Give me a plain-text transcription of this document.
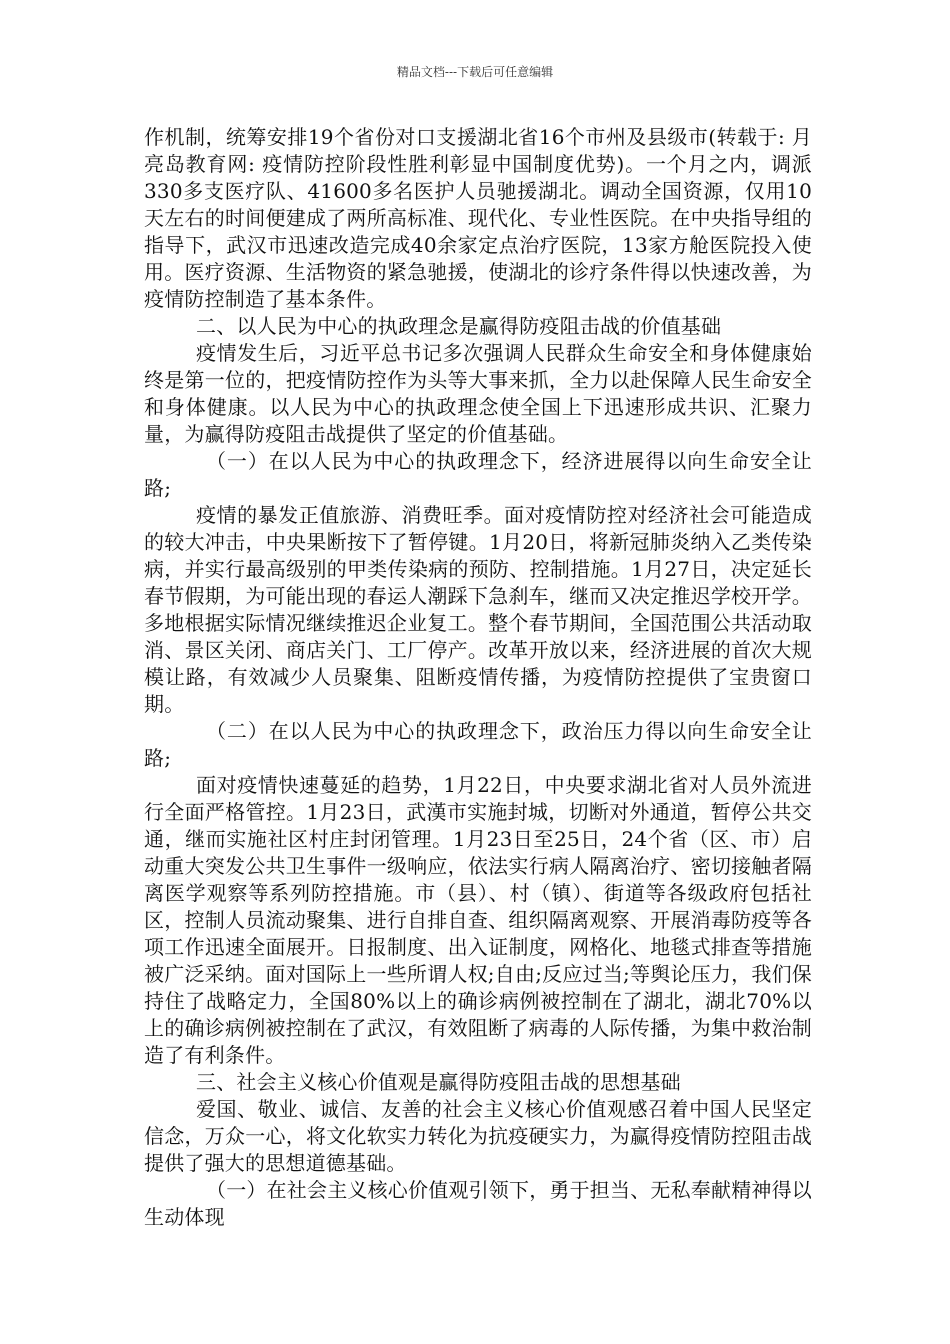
精品文档---下载后可任意编辑

作机制，统筹安排19个省份对口支援湖北省16个市州及县级市(转载于: 月亮岛教育网: 疫情防控阶段性胜利彰显中国制度优势)。一个月之内，调派330多支医疗队、41600多名医护人员驰援湖北。调动全国资源，仅用10天左右的时间便建成了两所高标准、现代化、专业性医院。在中央指导组的指导下，武汉市迅速改造完成40余家定点治疗医院，13家方舱医院投入使用。医疗资源、生活物资的紧急驰援，使湖北的诊疗条件得以快速改善，为疫情防控制造了基本条件。

二、以人民为中心的执政理念是赢得防疫阻击战的价值基础

疫情发生后，习近平总书记多次强调人民群众生命安全和身体健康始终是第一位的，把疫情防控作为头等大事来抓，全力以赴保障人民生命安全和身体健康。以人民为中心的执政理念使全国上下迅速形成共识、汇聚力量，为赢得防疫阻击战提供了坚定的价值基础。

（一）在以人民为中心的执政理念下，经济进展得以向生命安全让路;

疫情的暴发正值旅游、消费旺季。面对疫情防控对经济社会可能造成的较大冲击，中央果断按下了暂停键。1月20日，将新冠肺炎纳入乙类传染病，并实行最高级别的甲类传染病的预防、控制措施。1月27日，决定延长春节假期，为可能出现的春运人潮踩下急刹车，继而又决定推迟学校开学。多地根据实际情况继续推迟企业复工。整个春节期间，全国范围公共活动取消、景区关闭、商店关门、工厂停产。改革开放以来，经济进展的首次大规模让路，有效减少人员聚集、阻断疫情传播，为疫情防控提供了宝贵窗口期。

（二）在以人民为中心的执政理念下，政治压力得以向生命安全让路;

面对疫情快速蔓延的趋势，1月22日，中央要求湖北省对人员外流进行全面严格管控。1月23日，武漢市实施封城，切断对外通道，暂停公共交通，继而实施社区村庄封闭管理。1月23日至25日，24个省（区、市）启动重大突发公共卫生事件一级响应，依法实行病人隔离治疗、密切接触者隔离医学观察等系列防控措施。市（县）、村（镇）、街道等各级政府包括社区，控制人员流动聚集、进行自排自查、组织隔离观察、开展消毒防疫等各项工作迅速全面展开。日报制度、出入证制度，网格化、地毯式排查等措施被广泛采纳。面对国际上一些所谓人权;自由;反应过当;等舆论压力，我们保持住了战略定力，全国80%以上的确诊病例被控制在了湖北，湖北70%以上的确诊病例被控制在了武汉，有效阻断了病毒的人际传播，为集中救治制造了有利条件。

三、社会主义核心价值观是赢得防疫阻击战的思想基础

爱国、敬业、诚信、友善的社会主义核心价值观感召着中国人民坚定信念，万众一心，将文化软实力转化为抗疫硬实力，为赢得疫情防控阻击战提供了强大的思想道德基础。

（一）在社会主义核心价值观引领下，勇于担当、无私奉献精神得以生动体现
